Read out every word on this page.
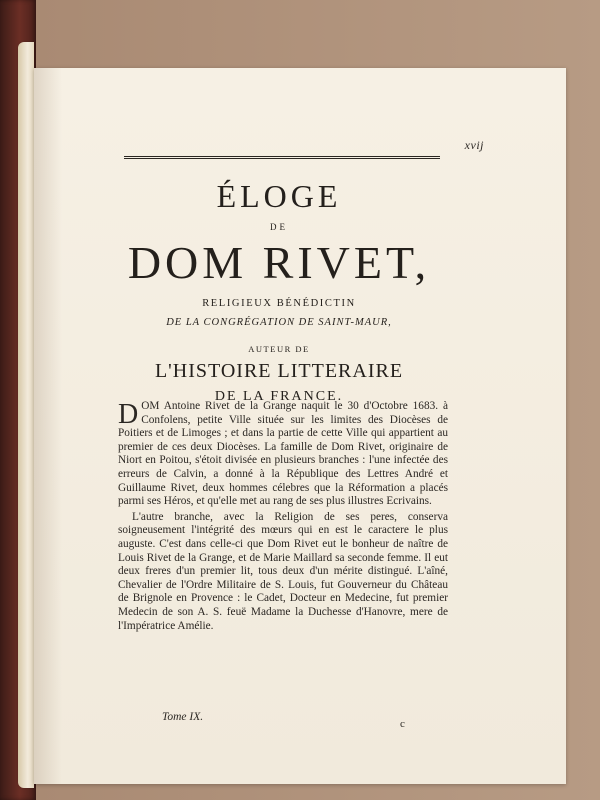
xvij
ÉLOGE
DE
DOM RIVET,
RELIGIEUX BÉNÉDICTIN
DE LA CONGRÉGATION DE SAINT-MAUR,
AUTEUR DE
L'HISTOIRE LITTERAIRE
DE LA FRANCE.

D OM Antoine Rivet de la Grange naquit le 30 d'Octobre 1683. à Confolens, petite Ville située sur les limites des Diocèses de Poitiers et de Limoges ; et dans la partie de cette Ville qui appartient au premier de ces deux Diocèses. La famille de Dom Rivet, originaire de Niort en Poitou, s'étoit divisée en plusieurs branches : l'une infectée des erreurs de Calvin, a donné à la République des Lettres André et Guillaume Rivet, deux hommes célebres que la Réformation a placés parmi ses Héros, et qu'elle met au rang de ses plus illustres Ecrivains.

L'autre branche, avec la Religion de ses peres, conserva soigneusement l'intégrité des mœurs qui en est le caractere le plus auguste. C'est dans celle-ci que Dom Rivet eut le bonheur de naître de Louis Rivet de la Grange, et de Marie Maillard sa seconde femme. Il eut deux freres d'un premier lit, tous deux d'un mérite distingué. L'aîné, Chevalier de l'Ordre Militaire de S. Louis, fut Gouverneur du Château de Brignole en Provence : le Cadet, Docteur en Medecine, fut premier Medecin de son A. S. feuë Madame la Duchesse d'Hanovre, mere de l'Impératrice Amélie.

Tome IX.
c
